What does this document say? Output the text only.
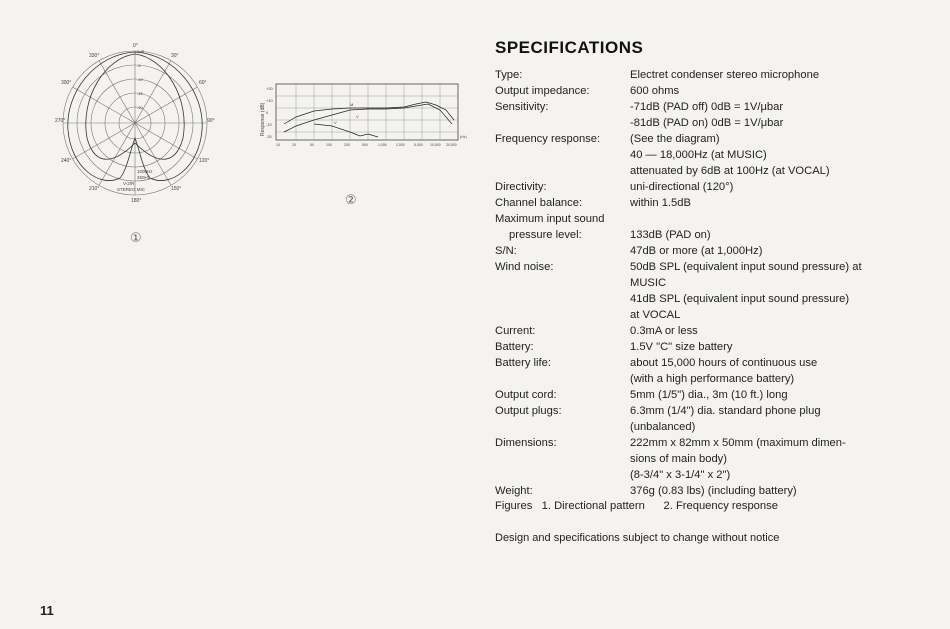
SPECIFICATIONS
0°
30°
60°
90°
120°
150°
180°
210°
240°
270°
300°
330°
0dB
-5
-10
-15
-20
1000Hz
250Hz
V-2/R
STEREO MIC
①
Response (dB)
+20
+10
0
-10
-20
M
V
V
10	20	50	100	200	500	1,000	2,000	5,000 10,000 20,000
(Hz)
②
Type:	Electret condenser stereo microphone
Output impedance:	600 ohms
Sensitivity:	-71dB (PAD off) 0dB = 1V/μbar
-81dB (PAD on) 0dB = 1V/μbar
Frequency response:	(See the diagram)
40 — 18,000Hz (at MUSIC)
attenuated by 6dB at 100Hz (at VOCAL)
Directivity:	uni-directional (120°)
Channel balance:	within 1.5dB
Maximum input sound
pressure level:	133dB (PAD on)
S/N:	47dB or more (at 1,000Hz)
Wind noise:	50dB SPL (equivalent input sound pressure) at
MUSIC
41dB SPL (equivalent input sound pressure)
at VOCAL
Current:	0.3mA or less
Battery:	1.5V "C" size battery
Battery life:	about 15,000 hours of continuous use
(with a high performance battery)
Output cord:	5mm (1/5") dia., 3m (10 ft.) long
Output plugs:	6.3mm (1/4") dia. standard phone plug
(unbalanced)
Dimensions:	222mm x 82mm x 50mm (maximum dimen-
sions of main body)
(8-3/4" x 3-1/4" x 2")
Weight:	376g (0.83 lbs) (including battery)
Figures   1. Directional pattern      2. Frequency response
Design and specifications subject to change without notice
11
